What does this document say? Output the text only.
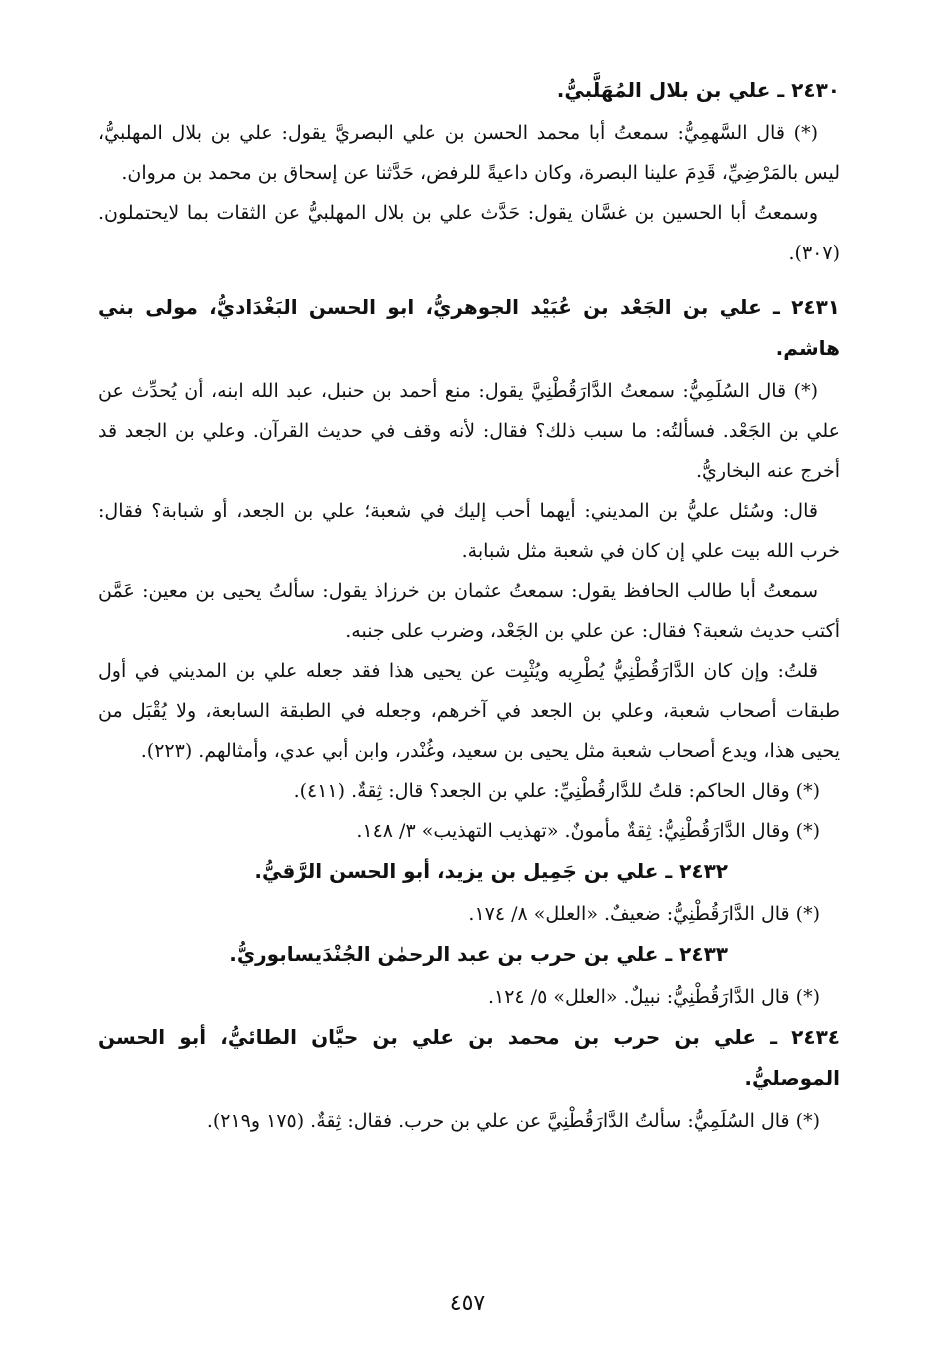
٢٤٣٠ ـ علي بن بلال المُهَلَّبيُّ.

(*) قال السَّهمِيُّ: سمعتُ أبا محمد الحسن بن علي البصريَّ يقول: علي بن بلال المهلبيُّ، ليس بالمَرْضِيِّ، قَدِمَ علينا البصرة، وكان داعيةً للرفض، حَدَّثنا عن إسحاق بن محمد بن مروان.

وسمعتُ أبا الحسين بن غسَّان يقول: حَدَّث علي بن بلال المهلبيُّ عن الثقات بما لايحتملون. (٣٠٧).

٢٤٣١ ـ علي بن الجَعْد بن عُبَيْد الجوهريُّ، ابو الحسن البَغْدَاديُّ، مولى بني هاشم.

(*) قال السُلَمِيُّ: سمعتُ الدَّارَقُطْنِيَّ يقول: منع أحمد بن حنبل، عبد الله ابنه، أن يُحدِّث عن علي بن الجَعْد. فسألتُه: ما سبب ذلك؟ فقال: لأنه وقف في حديث القرآن. وعلي بن الجعد قد أخرج عنه البخاريُّ.

قال: وسُئل عليُّ بن المديني: أيهما أحب إليك في شعبة؛ علي بن الجعد، أو شبابة؟ فقال: خرب الله بيت علي إن كان في شعبة مثل شبابة.

سمعتُ أبا طالب الحافظ يقول: سمعتُ عثمان بن خرزاذ يقول: سألتُ يحيى بن معين: عَمَّن أكتب حديث شعبة؟ فقال: عن علي بن الجَعْد، وضرب على جنبه.

قلتُ: وإن كان الدَّارَقُطْنِيُّ يُطْرِيه ويُثْبِت عن يحيى هذا فقد جعله علي بن المديني في أول طبقات أصحاب شعبة، وعلي بن الجعد في آخرهم، وجعله في الطبقة السابعة، ولا يُقْبَل من يحيى هذا، ويدع أصحاب شعبة مثل يحيى بن سعيد، وغُنْدر، وابن أبي عدي، وأمثالهم. (٢٢٣).

(*) وقال الحاكم: قلتُ للدَّارقُطْنِيِّ: علي بن الجعد؟ قال: ثِقةٌ. (٤١١).

(*) وقال الدَّارَقُطْنِيُّ: ثِقةٌ مأمونٌ. «تهذيب التهذيب» ٣/ ١٤٨.

٢٤٣٢ ـ علي بن جَمِيل بن يزيد، أبو الحسن الرَّقيُّ.

(*) قال الدَّارَقُطْنِيُّ: ضعيفٌ. «العلل» ٨/ ١٧٤.

٢٤٣٣ ـ علي بن حرب بن عبد الرحمٰن الجُنْدَيسابوريُّ.

(*) قال الدَّارَقُطْنِيُّ: نبيلٌ. «العلل» ٥/ ١٢٤.

٢٤٣٤ ـ علي بن حرب بن محمد بن علي بن حيَّان الطائيُّ، أبو الحسن الموصليُّ.

(*) قال السُلَمِيُّ: سألتُ الدَّارَقُطْنِيَّ عن علي بن حرب. فقال: ثِقةٌ. (١٧٥ و٢١٩).

٤٥٧
